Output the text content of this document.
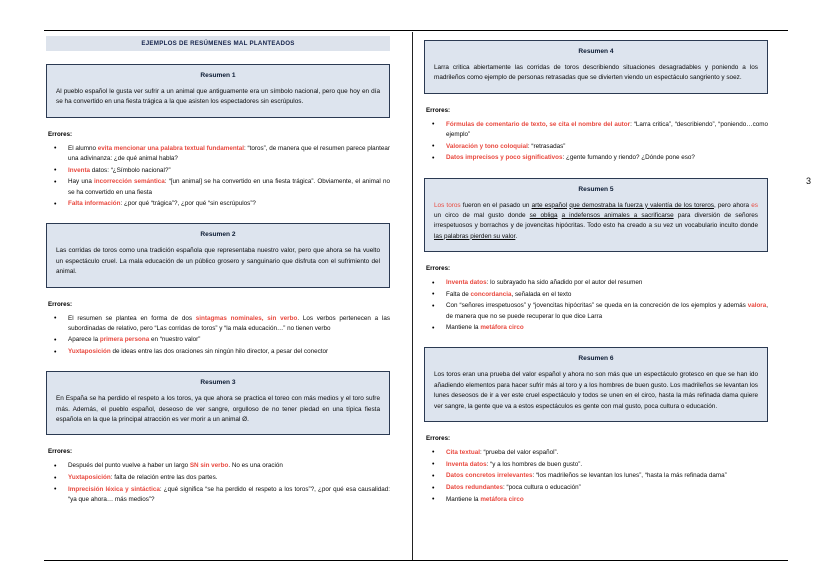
3
EJEMPLOS DE RESÚMENES MAL PLANTEADOS
Resumen 1
Al pueblo español le gusta ver sufrir a un animal que antiguamente era un símbolo nacional, pero que hoy en día se ha convertido en una fiesta trágica a la que asisten los espectadores sin escrúpulos.
Errores:
• El alumno evita mencionar una palabra textual fundamental: “toros”, de manera que el resumen parece plantear una adivinanza: ¿de qué animal habla?
• Inventa datos: “¿Símbolo nacional?”
• Hay una incorrección semántica: “[un animal] se ha convertido en una fiesta trágica”. Obviamente, el animal no se ha convertido en una fiesta
• Falta información: ¿por qué “trágica”?, ¿por qué “sin escrúpulos”?
Resumen 2
Las corridas de toros como una tradición española que representaba nuestro valor, pero que ahora se ha vuelto un espectáculo cruel. La mala educación de un público grosero y sanguinario que disfruta con el sufrimiento del animal.
Errores:
• El resumen se plantea en forma de dos sintagmas nominales, sin verbo. Los verbos pertenecen a las subordinadas de relativo, pero “Las corridas de toros” y “la mala educación…” no tienen verbo
• Aparece la primera persona en “nuestro valor”
• Yuxtaposición de ideas entre las dos oraciones sin ningún hilo director, a pesar del conector
Resumen 3
En España se ha perdido el respeto a los toros, ya que ahora se practica el toreo con más medios y el toro sufre más. Además, el pueblo español, deseoso de ver sangre, orgulloso de no tener piedad en una típica fiesta española en la que la principal atracción es ver morir a un animal Ø.
Errores:
• Después del punto vuelve a haber un largo SN sin verbo. No es una oración
• Yuxtaposición: falta de relación entre las dos partes.
• Imprecisión léxica y sintáctica: ¿qué significa “se ha perdido el respeto a los toros”?, ¿por qué esa causalidad: “ya que ahora… más medios”?
Resumen 4
Larra critica abiertamente las corridas de toros describiendo situaciones desagradables y poniendo a los madrileños como ejemplo de personas retrasadas que se divierten viendo un espectáculo sangriento y soez.
Errores:
• Fórmulas de comentario de texto, se cita el nombre del autor: “Larra critica”, “describiendo”, “poniendo…como ejemplo”
• Valoración y tono coloquial: “retrasadas”
• Datos imprecisos y poco significativos: ¿gente fumando y riendo? ¿Dónde pone eso?
Resumen 5
Los toros fueron en el pasado un arte español que demostraba la fuerza y valentía de los toreros, pero ahora es un circo de mal gusto donde se obliga a indefensos animales a sacrificarse para diversión de señores irrespetuosos y borrachos y de jovencitas hipócritas. Todo esto ha creado a su vez un vocabulario inculto donde las palabras pierden su valor.
Errores:
• Inventa datos: lo subrayado ha sido añadido por el autor del resumen
• Falta de concordancia, señalada en el texto
• Con “señores irrespetuosos” y “jovencitas hipócritas” se queda en la concreción de los ejemplos y además valora, de manera que no se puede recuperar lo que dice Larra
• Mantiene la metáfora circo
Resumen 6
Los toros eran una prueba del valor español y ahora no son más que un espectáculo grotesco en que se han ido añadiendo elementos para hacer sufrir más al toro y a los hombres de buen gusto. Los madrileños se levantan los lunes deseosos de ir a ver este cruel espectáculo y todos se unen en el circo, hasta la más refinada dama quiere ver sangre, la gente que va a estos espectáculos es gente con mal gusto, poca cultura o educación.
Errores:
• Cita textual: “prueba del valor español”.
• Inventa datos: “y a los hombres de buen gusto”.
• Datos concretos irrelevantes: “los madrileños se levantan los lunes”, “hasta la más refinada dama”
• Datos redundantes: “poca cultura o educación”
• Mantiene la metáfora circo
